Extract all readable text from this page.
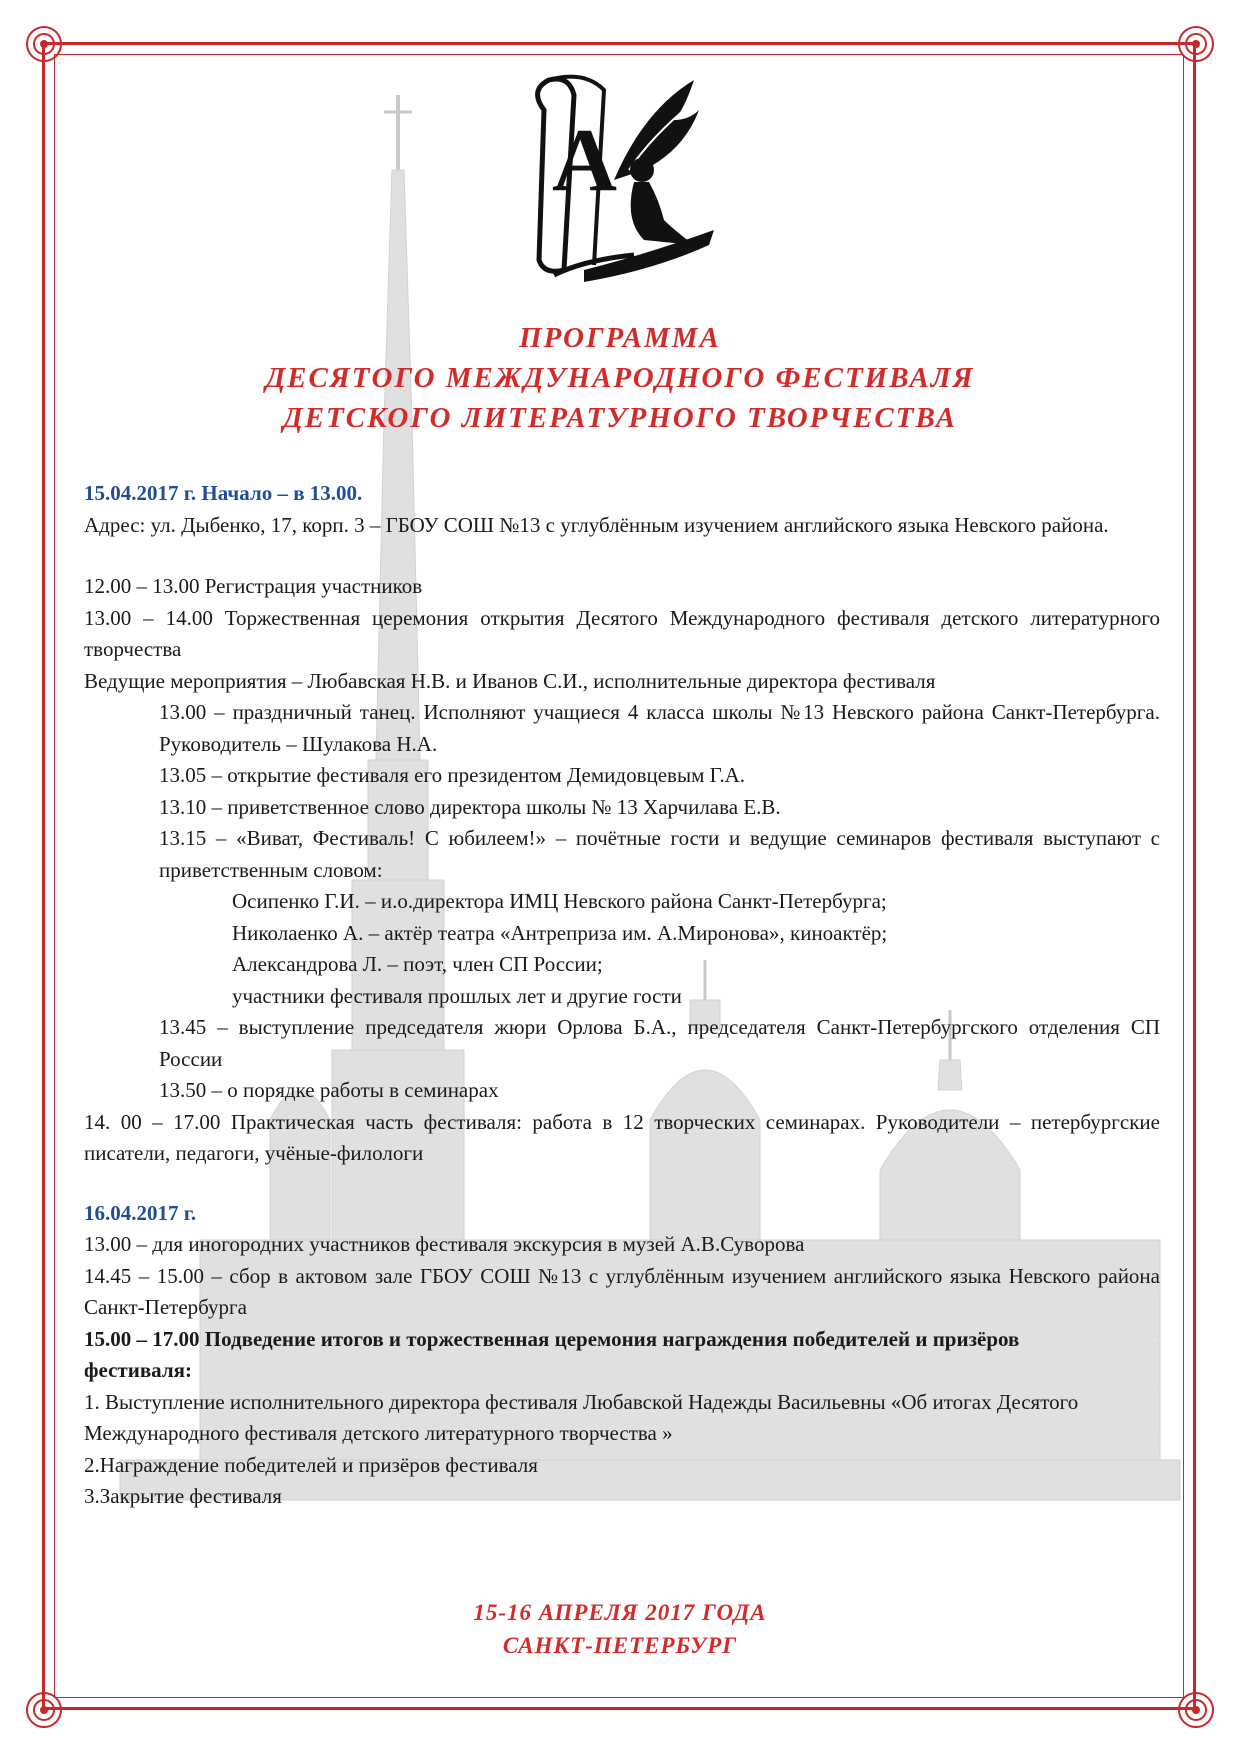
A
ПРОГРАММА
ДЕСЯТОГО МЕЖДУНАРОДНОГО ФЕСТИВАЛЯ
ДЕТСКОГО ЛИТЕРАТУРНОГО ТВОРЧЕСТВА

15.04.2017 г. Начало – в 13.00.

Адрес: ул. Дыбенко, 17, корп. 3 – ГБОУ СОШ №13 с углублённым изучением английского языка Невского района.

12.00 – 13.00 Регистрация участников

13.00 – 14.00 Торжественная церемония открытия Десятого Международного фестиваля детского литературного творчества

Ведущие мероприятия – Любавская Н.В. и Иванов С.И., исполнительные директора фестиваля

13.00 – праздничный танец. Исполняют учащиеся 4 класса школы №13 Невского района Санкт-Петербурга. Руководитель – Шулакова Н.А.

13.05 – открытие фестиваля его президентом Демидовцевым Г.А.

13.10 – приветственное слово директора школы № 13 Харчилава Е.В.

13.15 – «Виват, Фестиваль! С юбилеем!» – почётные гости и ведущие семинаров фестиваля выступают с приветственным словом:

Осипенко Г.И. – и.о.директора ИМЦ Невского района Санкт-Петербурга;

Николаенко А. – актёр театра «Антреприза им. А.Миронова», киноактёр;

Александрова Л. – поэт, член СП России;

участники фестиваля прошлых лет и другие гости

13.45 – выступление председателя жюри Орлова Б.А., председателя Санкт-Петербургского отделения СП России

13.50 – о порядке работы в семинарах

14. 00 – 17.00 Практическая часть фестиваля: работа в 12 творческих семинарах. Руководители – петербургские писатели, педагоги, учёные-филологи

16.04.2017 г.

13.00 – для иногородних участников фестиваля экскурсия в музей А.В.Суворова

14.45 – 15.00 – сбор в актовом зале ГБОУ СОШ №13 с углублённым изучением английского языка Невского района Санкт-Петербурга

15.00 – 17.00 Подведение итогов и торжественная церемония награждения победителей и призёров фестиваля:

1. Выступление исполнительного директора фестиваля Любавской Надежды Васильевны «Об итогах Десятого Международного фестиваля детского литературного творчества »

2.Награждение победителей и призёров фестиваля

3.Закрытие фестиваля

15-16 АПРЕЛЯ 2017 ГОДА
САНКТ-ПЕТЕРБУРГ
